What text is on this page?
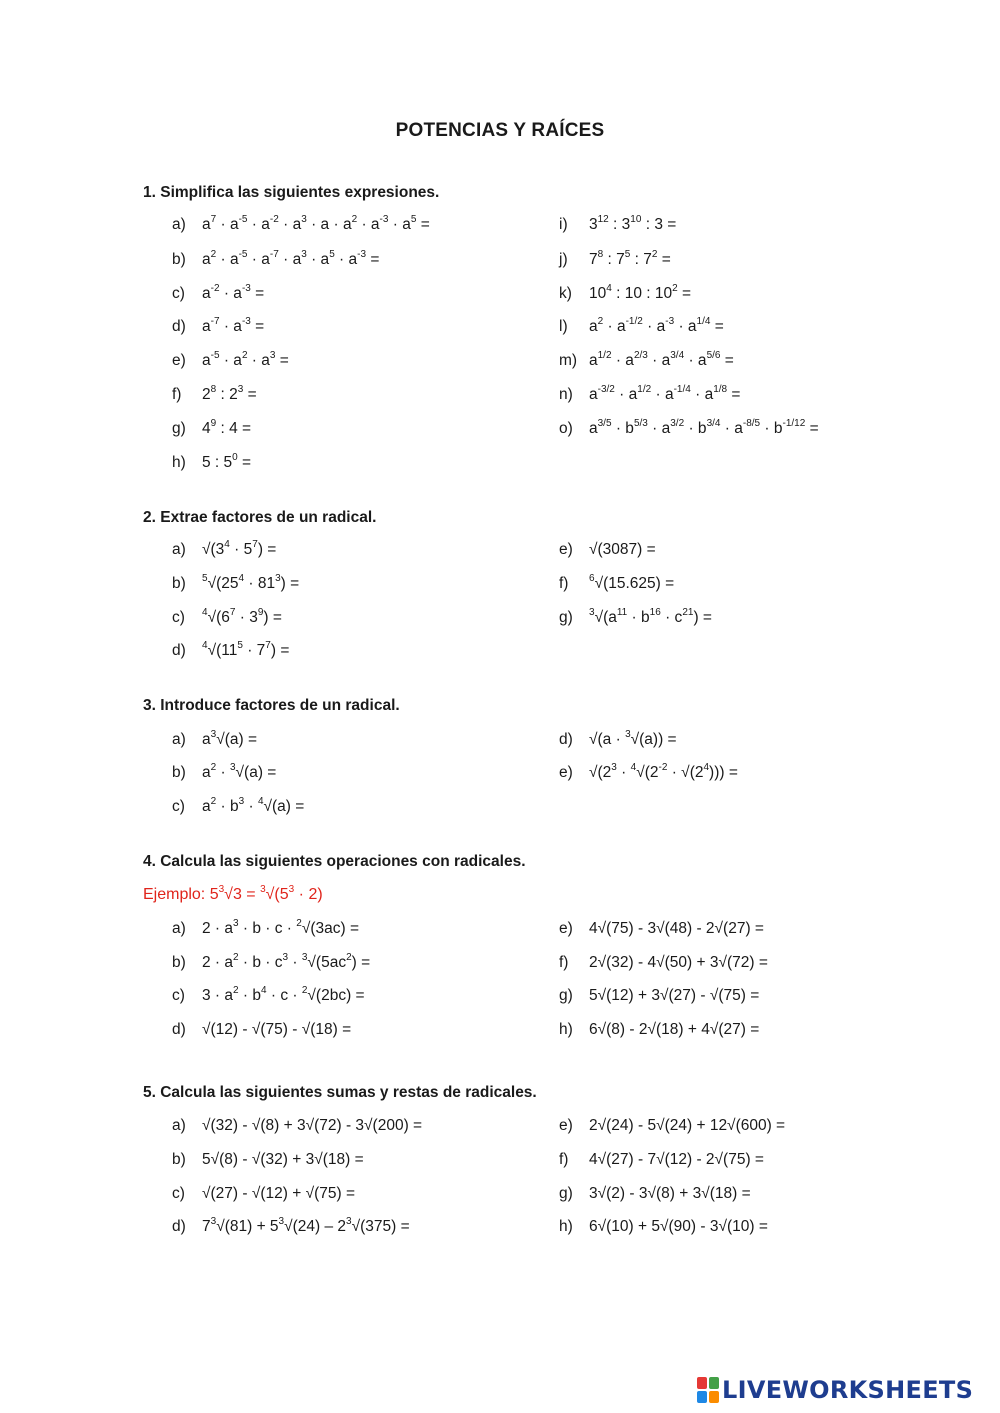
POTENCIAS Y RAÍCES
1. Simplifica las siguientes expresiones.
a)	$a^7 \cdot a^{-5} \cdot a^{-2} \cdot a^3 \cdot a \cdot a^2 \cdot a^{-3} \cdot a^5$ =
b)	$a^2 \cdot a^{-5} \cdot a^{-7} \cdot a^3 \cdot a^5 \cdot a^{-3}$ =
c)	$a^{-2} \cdot a^{-3}$ =
d)	$a^{-7} \cdot a^{-3}$ =
e)	$a^{-5} \cdot a^2 \cdot a^3$ =
f)	$2^8$ : $2^3$ =
g)	$4^9$ : 4 =
h)	5 : $5^0$ =
i)	$3^{12}$ : $3^{10}$ : 3 =
j)	$7^8$ : $7^5$ : $7^2$ =
k)	$10^4$ : 10 : $10^2$ =
l)	$a^2 \cdot a^{-1/2} \cdot a^{-3} \cdot a^{1/4}$ =
m) $a^{1/2} \cdot a^{2/3} \cdot a^{3/4} \cdot a^{5/6}$ =
n)	$a^{-3/2} \cdot a^{1/2} \cdot a^{-1/4} \cdot a^{1/8}$ =
o)	$a^{3/5} \cdot b^{5/3} \cdot a^{3/2} \cdot b^{3/4} \cdot a^{-8/5} \cdot b^{-1/12}$ =
2. Extrae factores de un radical.
a)	$√(3^4 \cdot 5^7)$ =
b)	$^5√(25^4 \cdot 81^3)$ =
c)	$^4√(6^7 \cdot 3^9)$ =
d)	$^4√(11^5 \cdot 7^7)$ =
e)	√(3087) =
f)	$^6$√(15.625) =
g)	$^3√(a^{11} \cdot b^{16} \cdot c^{21})$ =
3. Introduce factores de un radical.
a)	$a^3√(a)$ =
b)	$a^2 \cdot ^3√(a)$ =
c)	$a^2 \cdot b^3 \cdot ^4√(a)$ =
d)	√(a · $^3$√(a)) =
e)	$√(2^3 \cdot ^4√(2^{-2} \cdot √(2^4)))$ =
4. Calcula las siguientes operaciones con radicales.
Ejemplo: $5^3√3 = ^3√(5^3 \cdot 2)$
a)	$2 \cdot a^3 \cdot b \cdot c \cdot ^2√(3ac)$ =
b)	$2 \cdot a^2 \cdot b \cdot c^3 \cdot ^3√(5ac^2)$ =
c)	$3 \cdot a^2 \cdot b^4 \cdot c \cdot ^2√(2bc)$ =
d)	√(12) - √(75) - √(18) =
e)	4√(75) - 3√(48) - 2√(27) =
f)	2√(32) - 4√(50) + 3√(72) =
g)	5√(12) + 3√(27) - √(75) =
h)	6√(8) - 2√(18) + 4√(27) =
5. Calcula las siguientes sumas y restas de radicales.
a)	√(32) - √(8) + 3√(72) - 3√(200) =
b)	5√(8) - √(32) + 3√(18) =
c)	√(27) - √(12) + √(75) =
d)	$7^3√(81) + 5^3√(24) - 2^3√(375)$ =
e)	2√(24) - 5√(24) + 12√(600) =
f)	4√(27) - 7√(12) - 2√(75) =
g)	3√(2) - 3√(8) + 3√(18) =
h)	6√(10) + 5√(90) - 3√(10) =
LIVEWORKSHEETS
